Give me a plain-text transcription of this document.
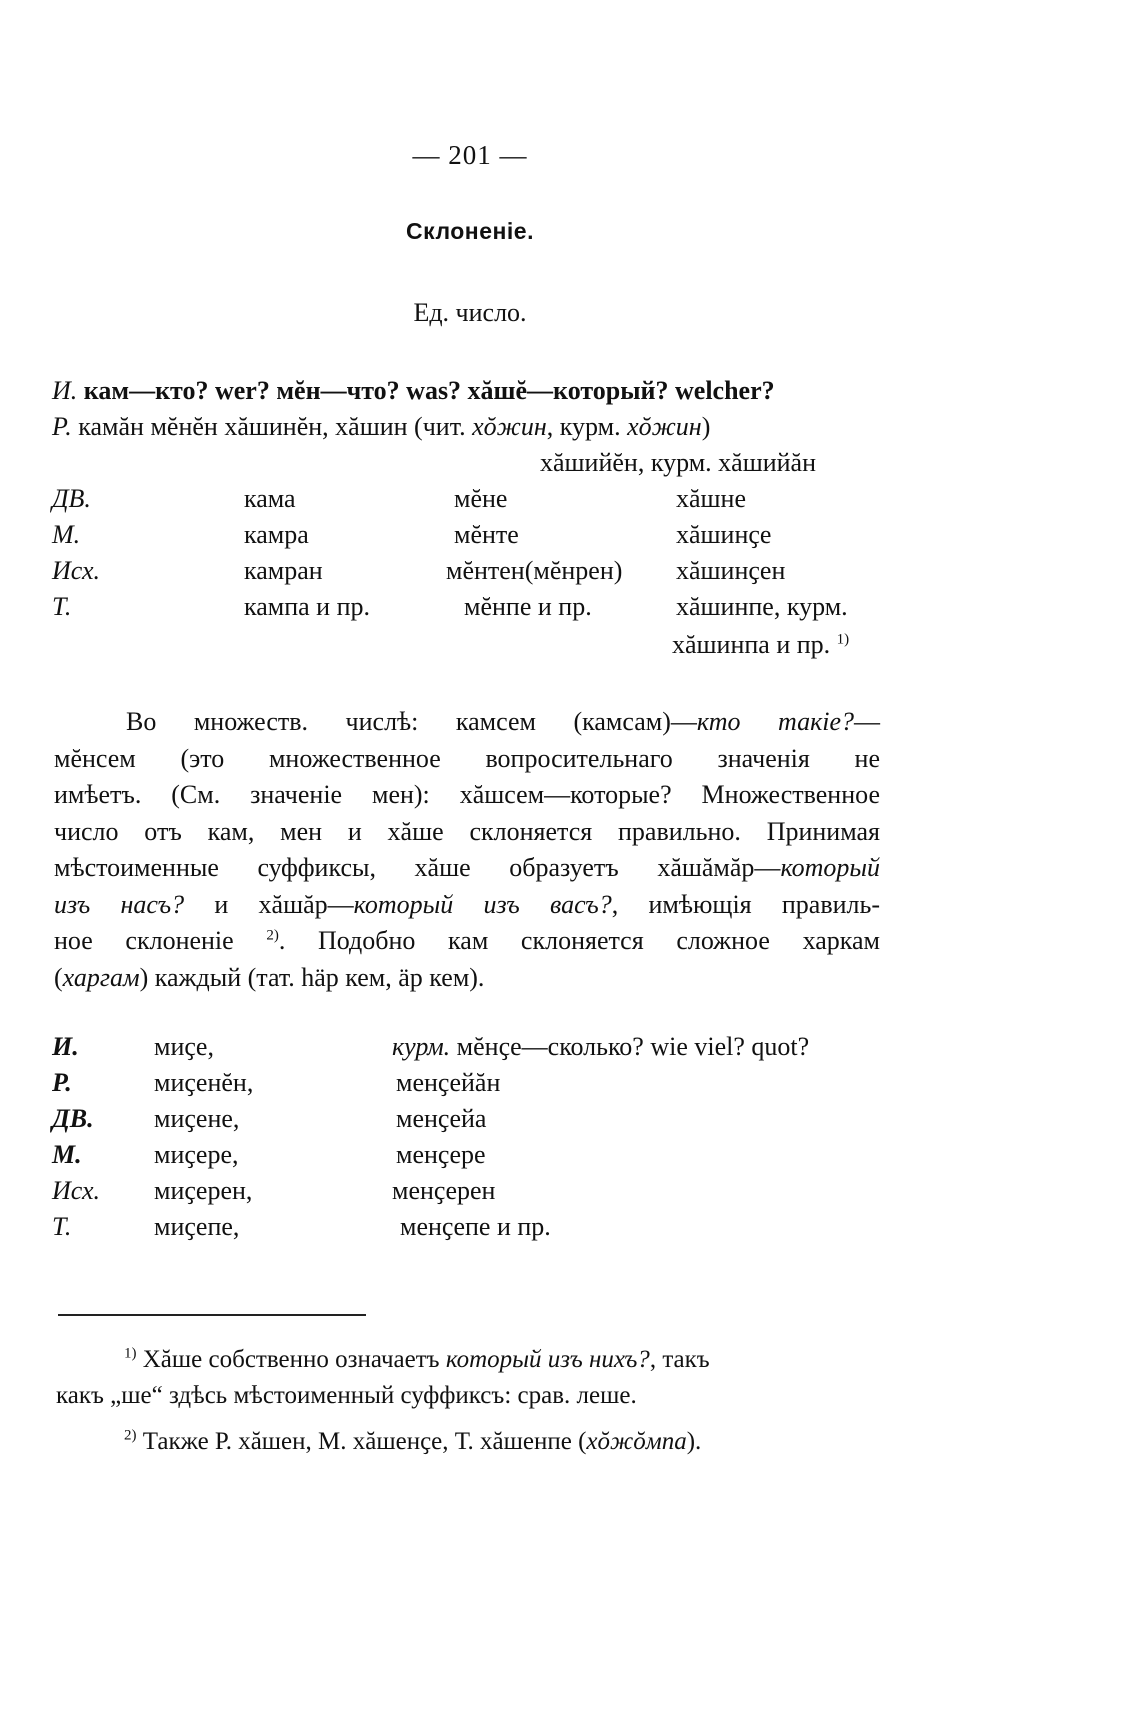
— 201 —
Склоненіе.
Ед. число.
И. кам—кто? wer? мĕн—что? was? хăшĕ—который? welcher?
Р. камăн мĕнĕн хăшинĕн, хăшин (чит. хŏжин, курм. хŏжин)
хăшийĕн, курм. хăшийăн
ДВ.	кама	мĕне	хăшне
М.	камра	мĕнте	хăшинҫе
Исх.	камран	мĕнтен(мĕнрен) хăшинҫен
Т.	кампа и пр.	мĕнпе и пр.	хăшинпе, курм.
хăшинпа и пр. $^{1)}$
Во множеств. числѣ: камсем (камсам)—кто такіе?—
мĕнсем (это множественное вопросительнаго значенія не
имѣетъ. (См. значеніе мен): хăшсем—которые? Множественное
число отъ кам, мен и хăше склоняется правильно. Принимая
мѣстоименные суффиксы, хăше образуетъ хăшăмăр—который
изъ насъ? и хăшăр—который изъ васъ?, имѣющія правиль-
ное склоненіе $^{2)}$. Подобно кам склоняется сложное харкам
(харгам) каждый (тат. häр кем, äр кем).
И.	миҫе,	курм. мĕнҫе—сколько? wie viel? quot?
Р.	миҫенĕн,	менҫейăн
ДВ. миҫене,	менҫейа
М.	миҫере,	менҫере
Исх. миҫерен,	менҫерен
Т.	миҫепе,	менҫепе и пр.
$^{1)}$ Хăше собственно означаетъ который изъ нихъ?, такъ
какъ „ше“ здѣсь мѣстоименный суффиксъ: срав. леше.
$^{2)}$ Также Р. хăшен, М. хăшенҫе, Т. хăшенпе (хŏжŏмпа).
